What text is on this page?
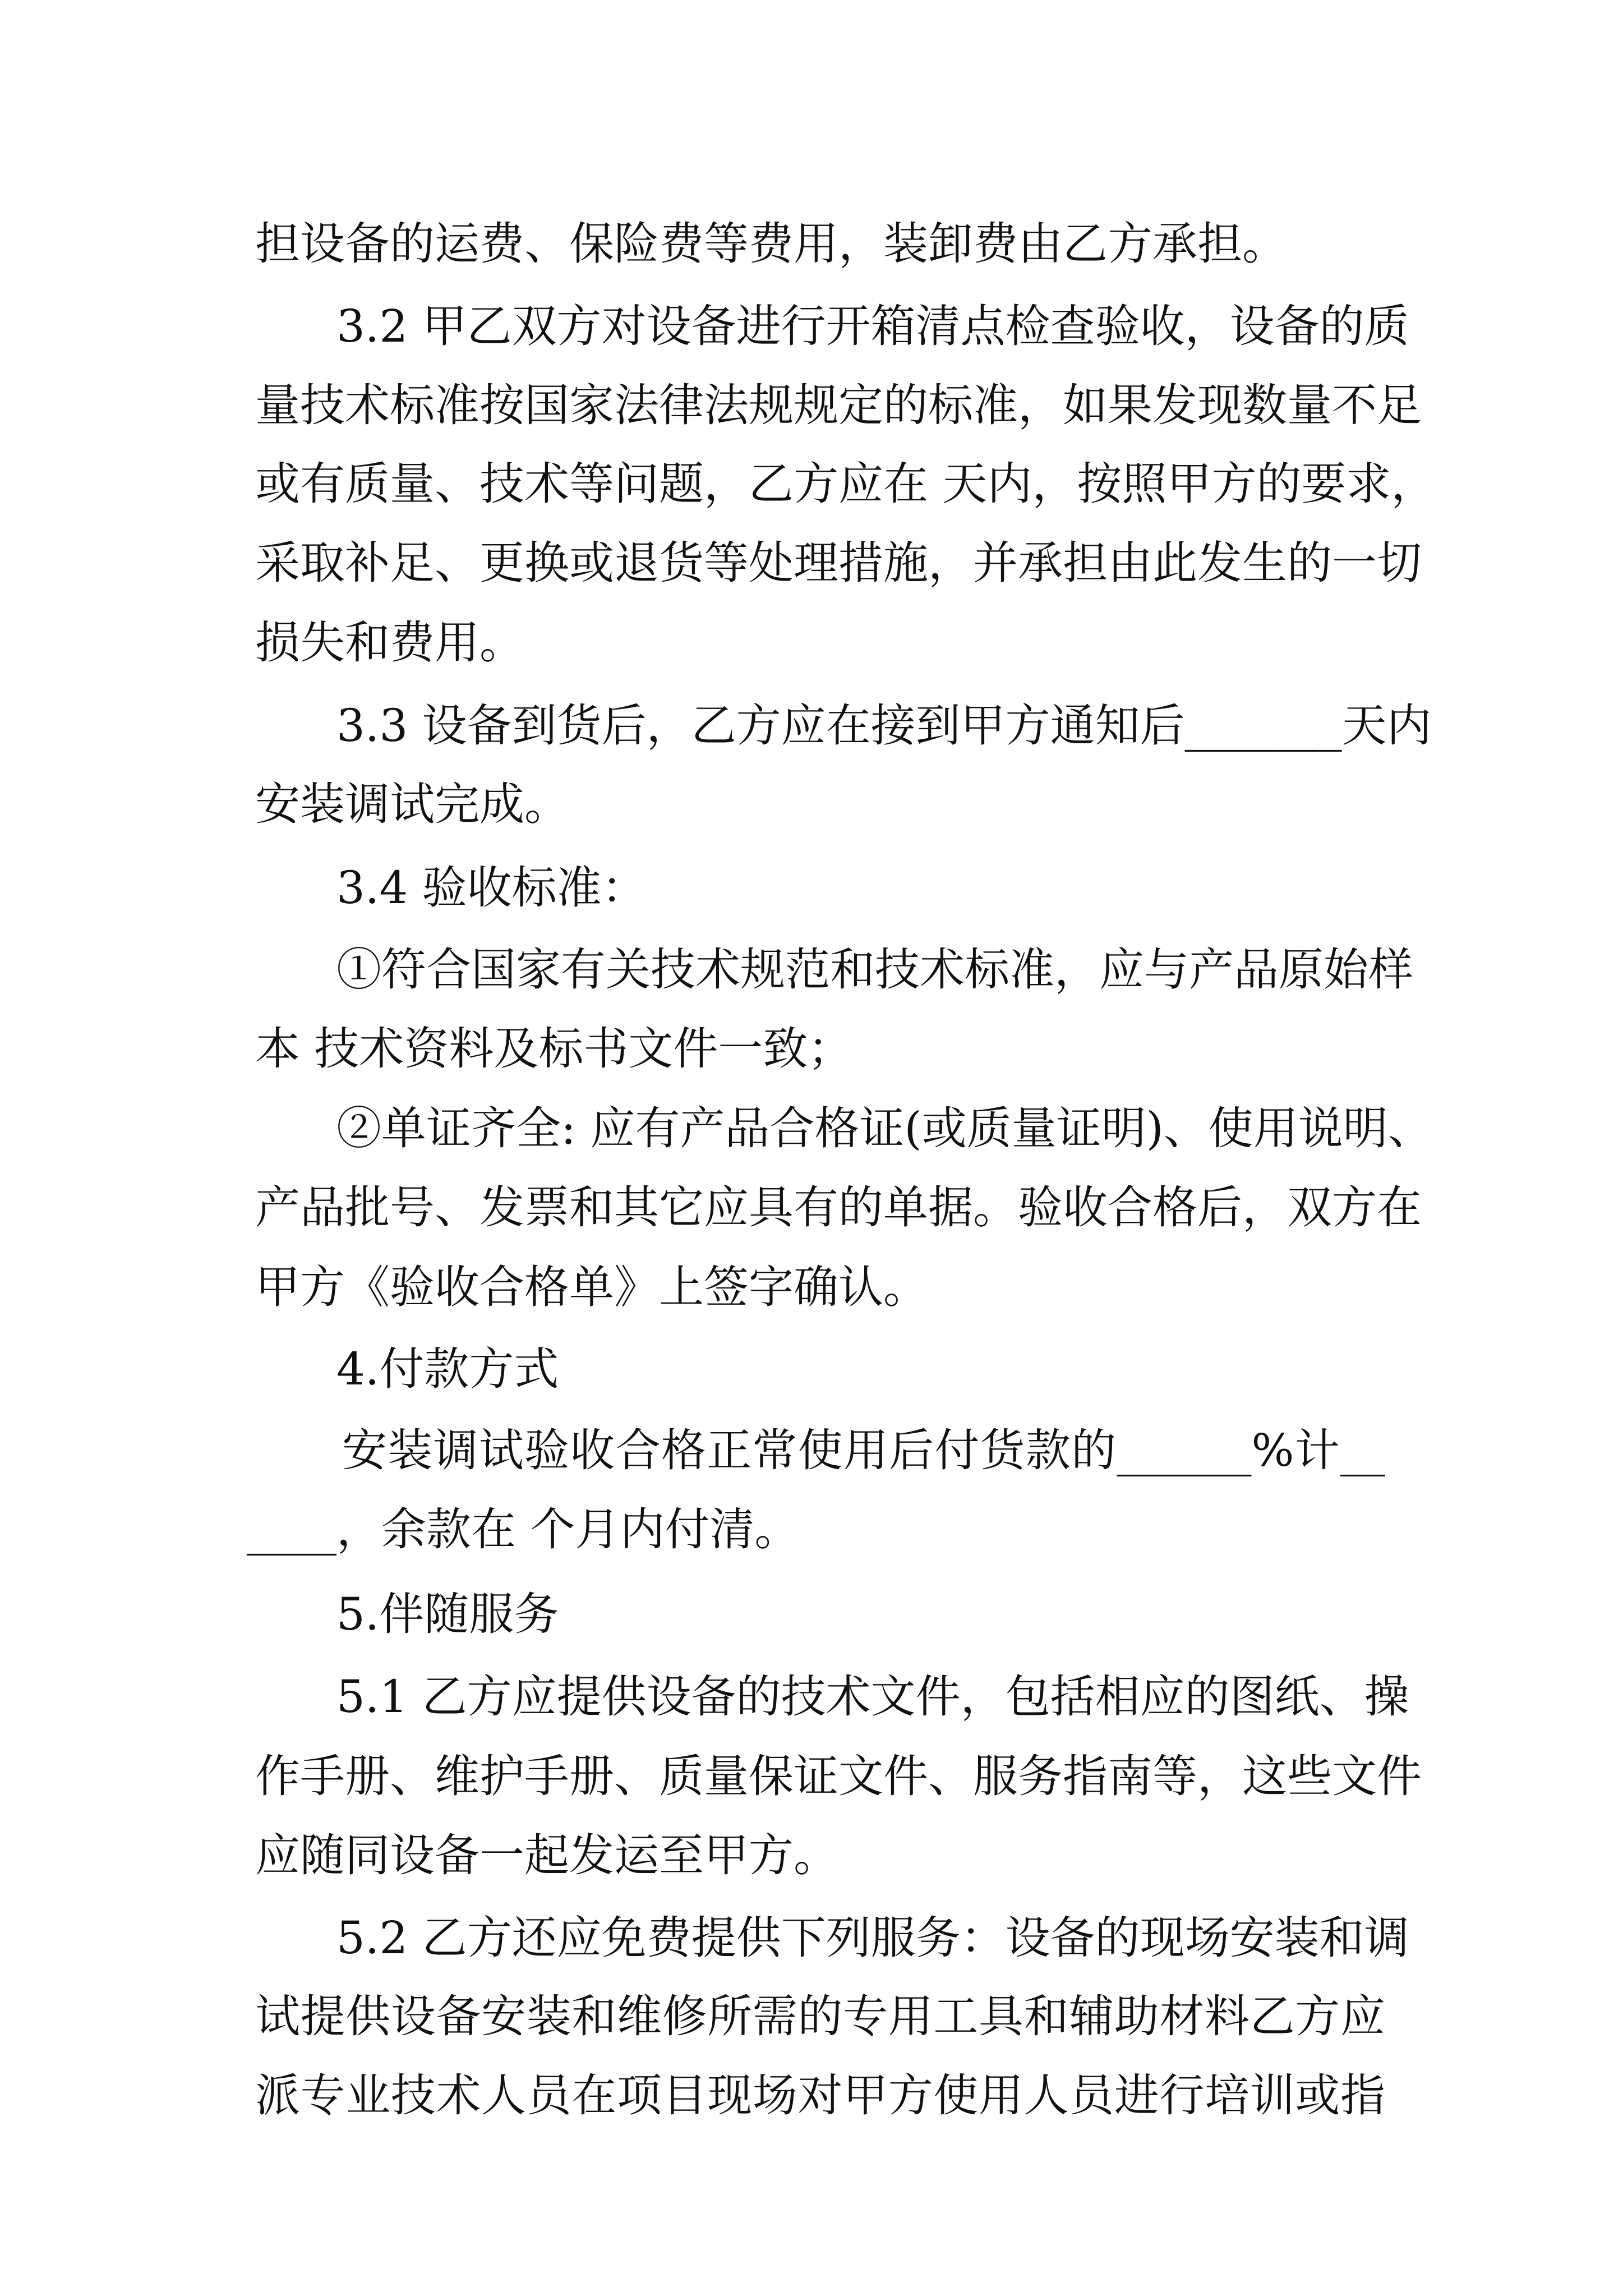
担设备的运费、保险费等费用，装卸费由乙方承担。

3.2 甲乙双方对设备进行开箱清点检查验收，设备的质

量技术标准按国家法律法规规定的标准，如果发现数量不足

或有质量、技术等问题，乙方应在 天内，按照甲方的要求，

采取补足、更换或退货等处理措施，并承担由此发生的一切

损失和费用。

3.3 设备到货后，乙方应在接到甲方通知后_______天内

安装调试完成。

3.4 验收标准：

①符合国家有关技术规范和技术标准，应与产品原始样

本 技术资料及标书文件一致；

②单证齐全: 应有产品合格证(或质量证明)、使用说明、

产品批号、发票和其它应具有的单据。验收合格后，双方在

甲方《验收合格单》上签字确认。

4.付款方式

安装调试验收合格正常使用后付货款的______%计__

____，余款在 个月内付清。

5.伴随服务

5.1 乙方应提供设备的技术文件，包括相应的图纸、操

作手册、维护手册、质量保证文件、服务指南等，这些文件

应随同设备一起发运至甲方。

5.2 乙方还应免费提供下列服务：设备的现场安装和调

试提供设备安装和维修所需的专用工具和辅助材料乙方应

派专业技术人员在项目现场对甲方使用人员进行培训或指
